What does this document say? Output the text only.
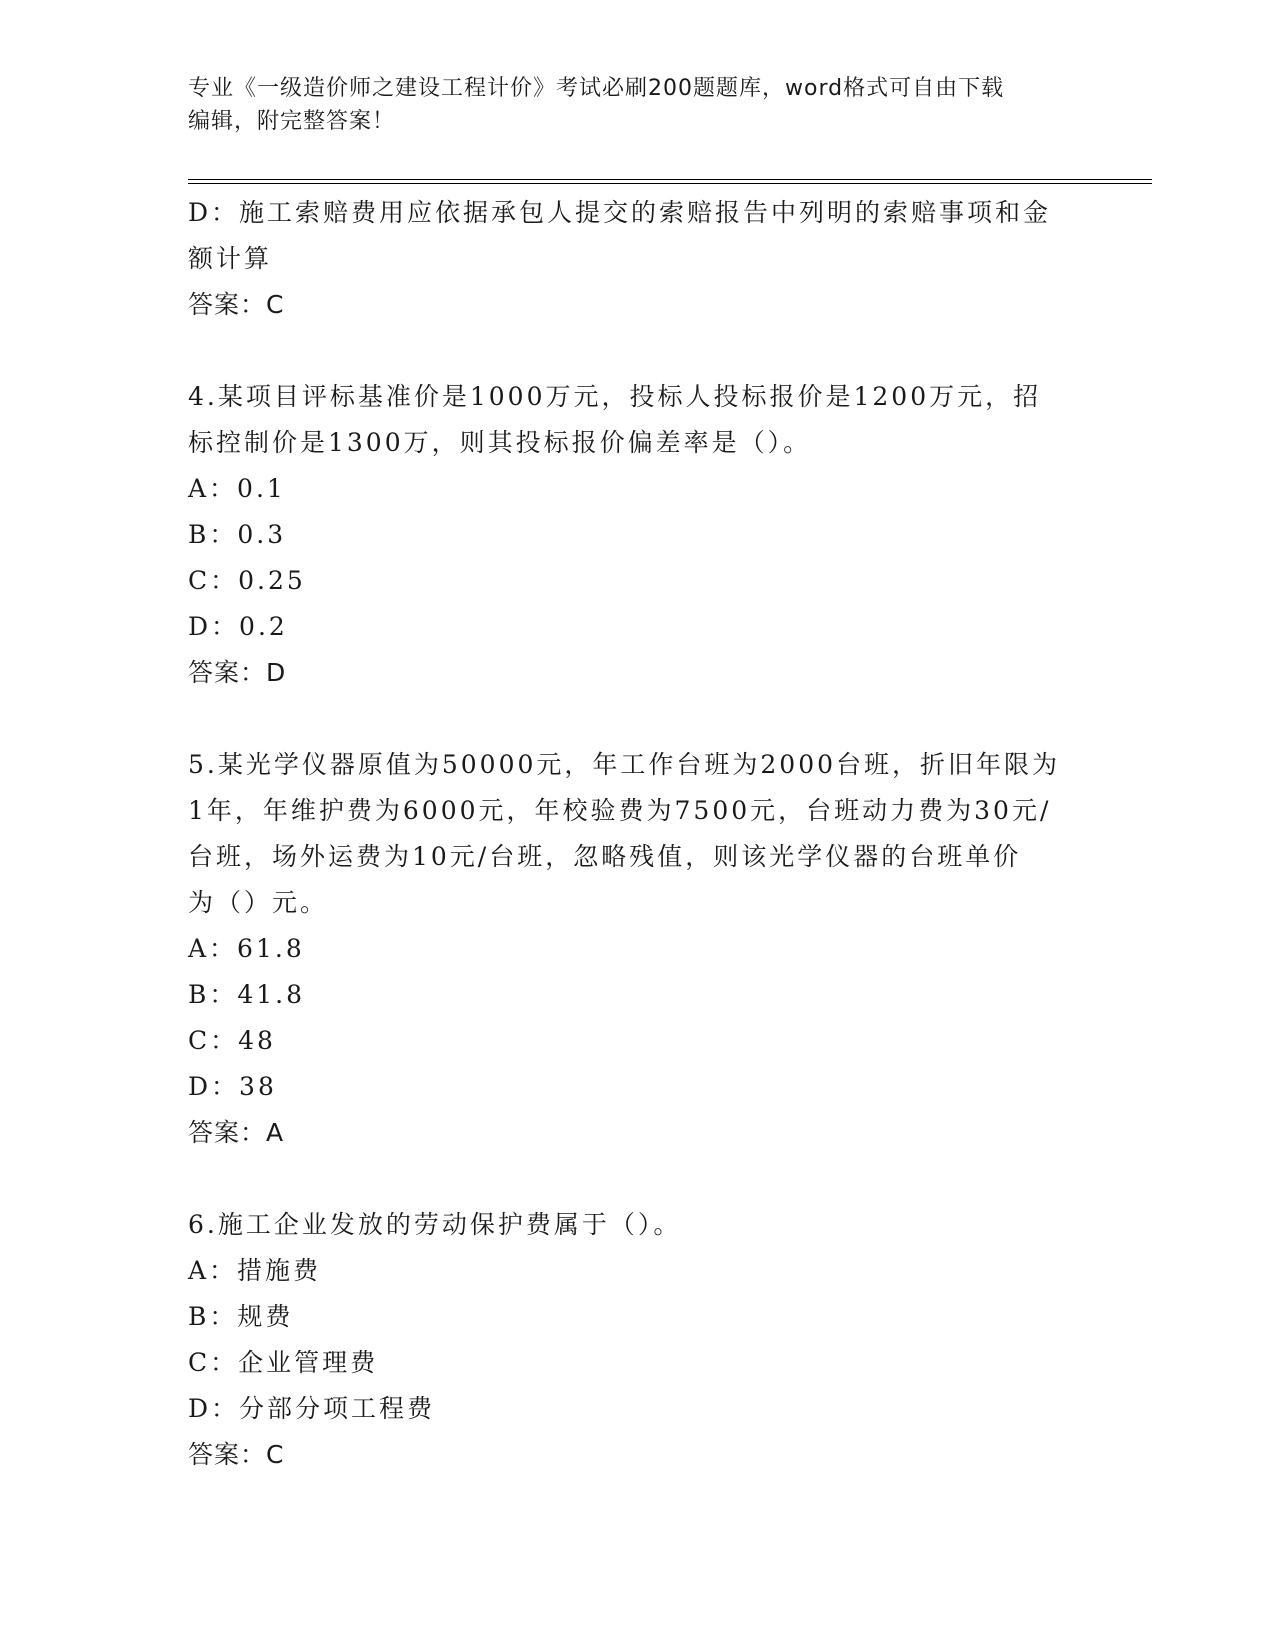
专业《一级造价师之建设工程计价》考试必刷200题题库，word格式可自由下载
编辑，附完整答案！
D：施工索赔费用应依据承包人提交的索赔报告中列明的索赔事项和金
额计算
答案：C
4.某项目评标基准价是1000万元，投标人投标报价是1200万元，招
标控制价是1300万，则其投标报价偏差率是（）。
A：0.1
B：0.3
C：0.25
D：0.2
答案：D
5.某光学仪器原值为50000元，年工作台班为2000台班，折旧年限为
1年，年维护费为6000元，年校验费为7500元，台班动力费为30元/
台班，场外运费为10元/台班，忽略残值，则该光学仪器的台班单价
为（）元。
A：61.8
B：41.8
C：48
D：38
答案：A
6.施工企业发放的劳动保护费属于（）。
A：措施费
B：规费
C：企业管理费
D：分部分项工程费
答案：C
